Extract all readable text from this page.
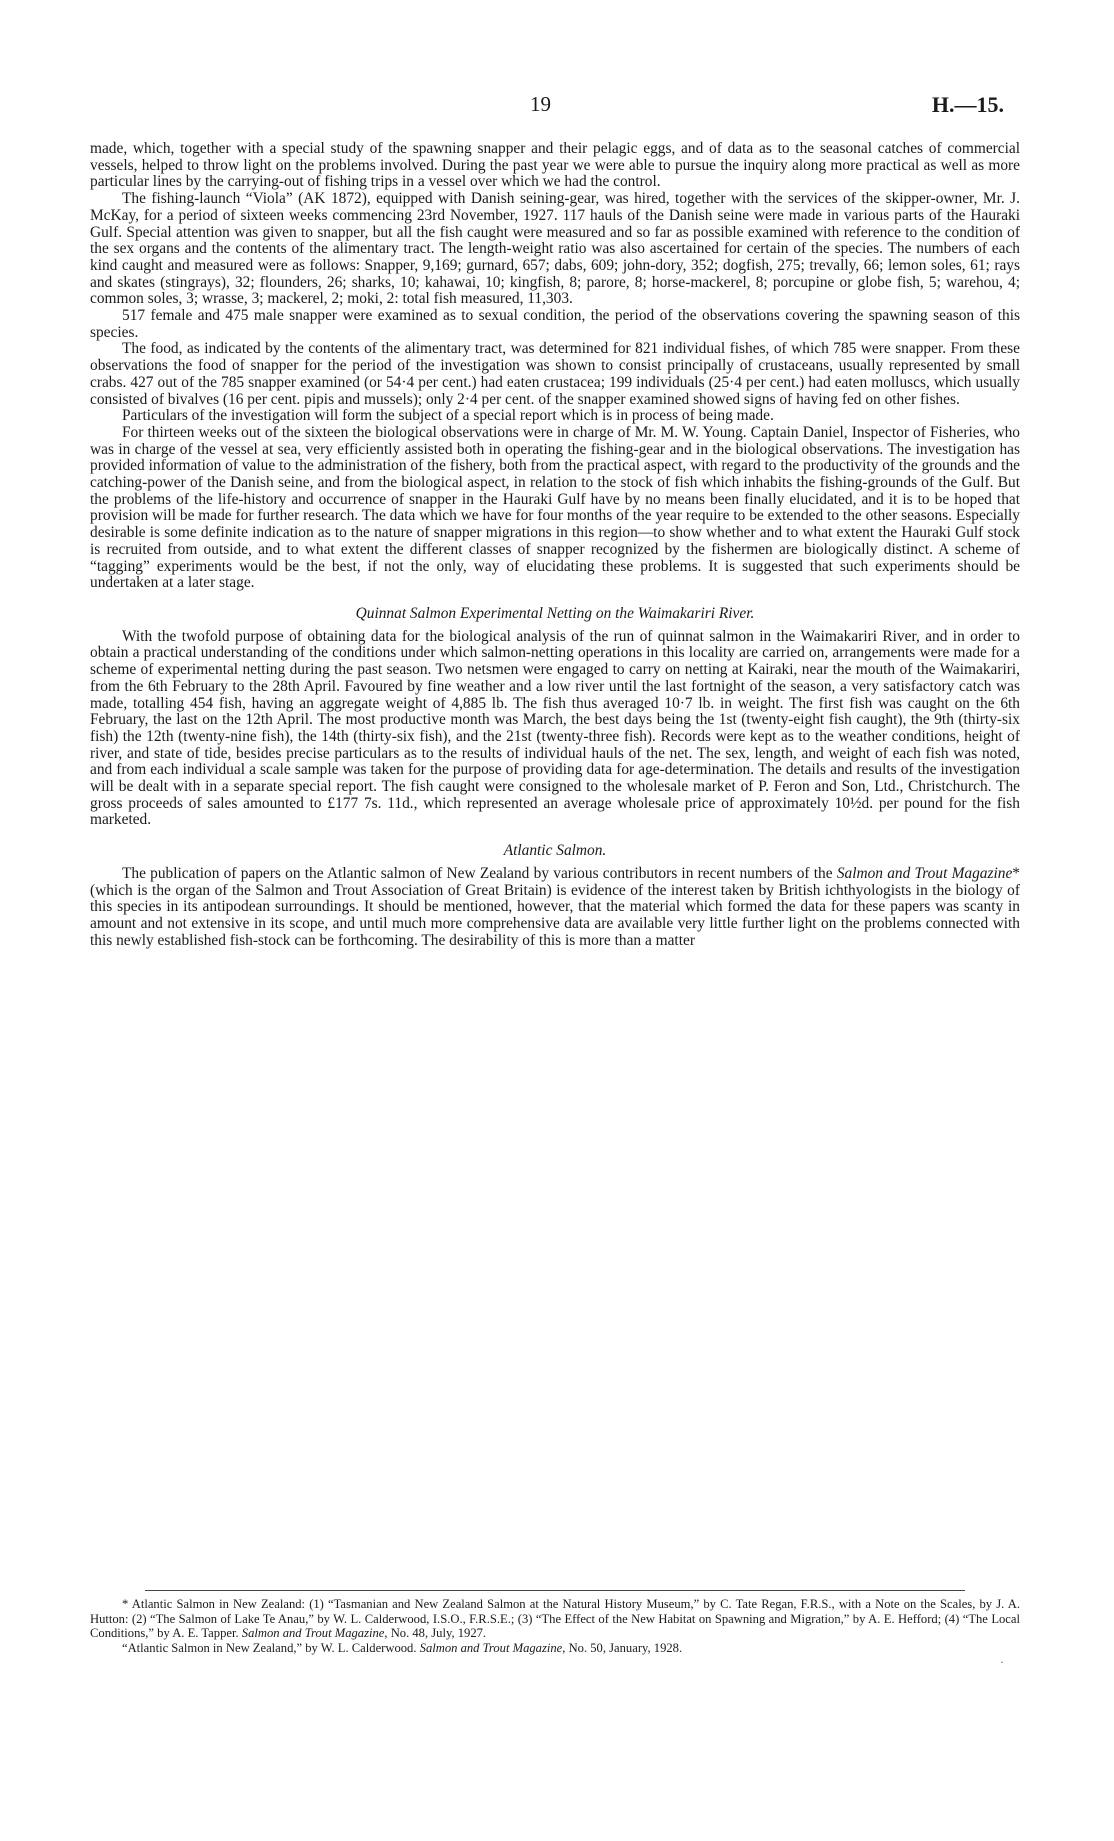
19	H.—15.

made, which, together with a special study of the spawning snapper and their pelagic eggs, and of data as to the seasonal catches of commercial vessels, helped to throw light on the problems involved. During the past year we were able to pursue the inquiry along more practical as well as more particular lines by the carrying-out of fishing trips in a vessel over which we had the control.

The fishing-launch “Viola” (AK 1872), equipped with Danish seining-gear, was hired, together with the services of the skipper-owner, Mr. J. McKay, for a period of sixteen weeks commencing 23rd November, 1927. 117 hauls of the Danish seine were made in various parts of the Hauraki Gulf. Special attention was given to snapper, but all the fish caught were measured and so far as possible examined with reference to the condition of the sex organs and the contents of the alimentary tract. The length-weight ratio was also ascertained for certain of the species. The numbers of each kind caught and measured were as follows: Snapper, 9,169; gurnard, 657; dabs, 609; john-dory, 352; dogfish, 275; trevally, 66; lemon soles, 61; rays and skates (stingrays), 32; flounders, 26; sharks, 10; kahawai, 10; kingfish, 8; parore, 8; horse-mackerel, 8; porcupine or globe fish, 5; warehou, 4; common soles, 3; wrasse, 3; mackerel, 2; moki, 2: total fish measured, 11,303.

517 female and 475 male snapper were examined as to sexual condition, the period of the observations covering the spawning season of this species.

The food, as indicated by the contents of the alimentary tract, was determined for 821 individual fishes, of which 785 were snapper. From these observations the food of snapper for the period of the investigation was shown to consist principally of crustaceans, usually represented by small crabs. 427 out of the 785 snapper examined (or 54·4 per cent.) had eaten crustacea; 199 individuals (25·4 per cent.) had eaten molluscs, which usually consisted of bivalves (16 per cent. pipis and mussels); only 2·4 per cent. of the snapper examined showed signs of having fed on other fishes.

Particulars of the investigation will form the subject of a special report which is in process of being made.

For thirteen weeks out of the sixteen the biological observations were in charge of Mr. M. W. Young. Captain Daniel, Inspector of Fisheries, who was in charge of the vessel at sea, very efficiently assisted both in operating the fishing-gear and in the biological observations. The investigation has provided information of value to the administration of the fishery, both from the practical aspect, with regard to the productivity of the grounds and the catching-power of the Danish seine, and from the biological aspect, in relation to the stock of fish which inhabits the fishing-grounds of the Gulf. But the problems of the life-history and occurrence of snapper in the Hauraki Gulf have by no means been finally elucidated, and it is to be hoped that provision will be made for further research. The data which we have for four months of the year require to be extended to the other seasons. Especially desirable is some definite indication as to the nature of snapper migrations in this region—to show whether and to what extent the Hauraki Gulf stock is recruited from outside, and to what extent the different classes of snapper recognized by the fishermen are biologically distinct. A scheme of “tagging” experiments would be the best, if not the only, way of elucidating these problems. It is suggested that such experiments should be undertaken at a later stage.

Quinnat Salmon Experimental Netting on the Waimakariri River.

With the twofold purpose of obtaining data for the biological analysis of the run of quinnat salmon in the Waimakariri River, and in order to obtain a practical understanding of the conditions under which salmon-netting operations in this locality are carried on, arrangements were made for a scheme of experimental netting during the past season. Two netsmen were engaged to carry on netting at Kairaki, near the mouth of the Waimakariri, from the 6th February to the 28th April. Favoured by fine weather and a low river until the last fortnight of the season, a very satisfactory catch was made, totalling 454 fish, having an aggregate weight of 4,885 lb. The fish thus averaged 10·7 lb. in weight. The first fish was caught on the 6th February, the last on the 12th April. The most productive month was March, the best days being the 1st (twenty-eight fish caught), the 9th (thirty-six fish) the 12th (twenty-nine fish), the 14th (thirty-six fish), and the 21st (twenty-three fish). Records were kept as to the weather conditions, height of river, and state of tide, besides precise particulars as to the results of individual hauls of the net. The sex, length, and weight of each fish was noted, and from each individual a scale sample was taken for the purpose of providing data for age-determination. The details and results of the investigation will be dealt with in a separate special report. The fish caught were consigned to the wholesale market of P. Feron and Son, Ltd., Christchurch. The gross proceeds of sales amounted to £177 7s. 11d., which represented an average wholesale price of approximately 10½d. per pound for the fish marketed.

Atlantic Salmon.

The publication of papers on the Atlantic salmon of New Zealand by various contributors in recent numbers of the Salmon and Trout Magazine* (which is the organ of the Salmon and Trout Association of Great Britain) is evidence of the interest taken by British ichthyologists in the biology of this species in its antipodean surroundings. It should be mentioned, however, that the material which formed the data for these papers was scanty in amount and not extensive in its scope, and until much more comprehensive data are available very little further light on the problems connected with this newly established fish-stock can be forthcoming. The desirability of this is more than a matter

* Atlantic Salmon in New Zealand: (1) “Tasmanian and New Zealand Salmon at the Natural History Museum,” by C. Tate Regan, F.R.S., with a Note on the Scales, by J. A. Hutton: (2) “The Salmon of Lake Te Anau,” by W. L. Calderwood, I.S.O., F.R.S.E.; (3) “The Effect of the New Habitat on Spawning and Migration,” by A. E. Hefford; (4) “The Local Conditions,” by A. E. Tapper. Salmon and Trout Magazine, No. 48, July, 1927.

“Atlantic Salmon in New Zealand,” by W. L. Calderwood. Salmon and Trout Magazine, No. 50, January, 1928.

·
